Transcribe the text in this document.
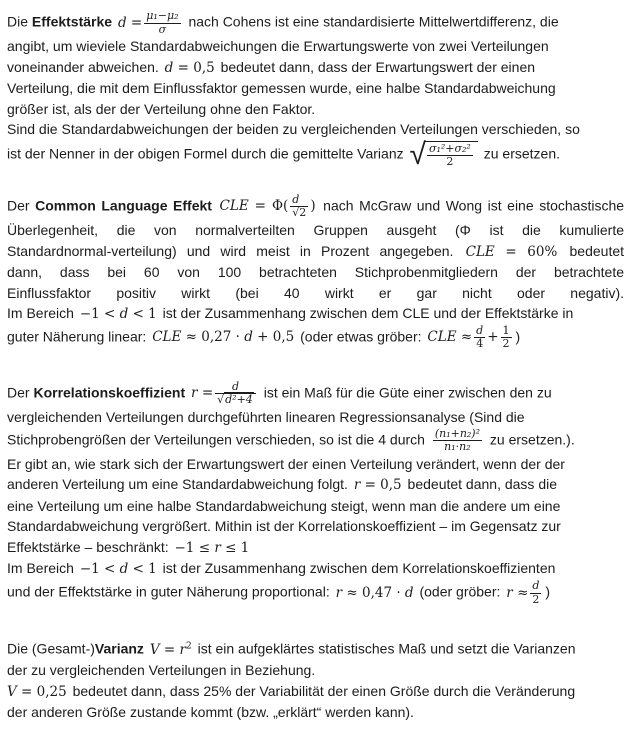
Die Effektstärke $d = \frac{\text{μ₁−μ₂}}{\sigma}$ nach Cohens ist eine standardisierte Mittelwertdifferenz, die
angibt, um wieviele Standardabweichungen die Erwartungswerte von zwei Verteilungen
voneinander abweichen. d = 0,5 bedeutet dann, dass der Erwartungswert der einen
Verteilung, die mit dem Einflussfaktor gemessen wurde, eine halbe Standardabweichung
größer ist, als der der Verteilung ohne den Faktor.
Sind die Standardabweichungen der beiden zu vergleichenden Verteilungen verschieden, so
ist der Nenner in der obigen Formel durch die gemittelte Varianz √ $\frac{\text{σ₁²+σ₂²}}{2}$ zu ersetzen.
Der Common Language Effekt CLE = $\Phi( \frac{d}{√2}$ ) nach McGraw und Wong ist eine stochastische
Überlegenheit, die von normalverteilten Gruppen ausgeht (Φ ist die kumulierte
Standardnormal-verteilung) und wird meist in Prozent angegeben. CLE = 60% bedeutet
dann, dass bei 60 von 100 betrachteten Stichprobenmitgliedern der betrachtete
Einflussfaktor positiv wirkt (bei 40 wirkt er gar nicht oder negativ).
Im Bereich −1 < d < 1 ist der Zusammenhang zwischen dem CLE und der Effektstärke in
guter Näherung linear: CLE ≈ 0,27 · d + 0,5 (oder etwas gröber: CLE ≈ $\frac{d}{4} + \frac{1}{2}$ )
Der Korrelationskoeffizient $r = \frac{d}{\text{√d²+4}}$ ist ein Maß für die Güte einer zwischen den zu
vergleichenden Verteilungen durchgeführten linearen Regressionsanalyse (Sind die
Stichprobengrößen der Verteilungen verschieden, so ist die 4 durch $\frac{\text{(n₁+n₂)²}}{\text{n₁·n₂}}$ zu ersetzen.).
Er gibt an, wie stark sich der Erwartungswert der einen Verteilung verändert, wenn der der
anderen Verteilung um eine Standardabweichung folgt. r = 0,5 bedeutet dann, dass die
eine Verteilung um eine halbe Standardabweichung steigt, wenn man die andere um eine
Standardabweichung vergrößert. Mithin ist der Korrelationskoeffizient – im Gegensatz zur
Effektstärke – beschränkt: −1 ≤ r ≤ 1
Im Bereich −1 < d < 1 ist der Zusammenhang zwischen dem Korrelationskoeffizienten
und der Effektstärke in guter Näherung proportional: r ≈ 0,47 · d (oder gröber: $r \approx \frac{d}{2}$ )
Die (Gesamt-)Varianz $V = r^2$ ist ein aufgeklärtes statistisches Maß und setzt die Varianzen
der zu vergleichenden Verteilungen in Beziehung.
V = 0,25 bedeutet dann, dass 25% der Variabilität der einen Größe durch die Veränderung
der anderen Größe zustande kommt (bzw. „erklärt“ werden kann).
